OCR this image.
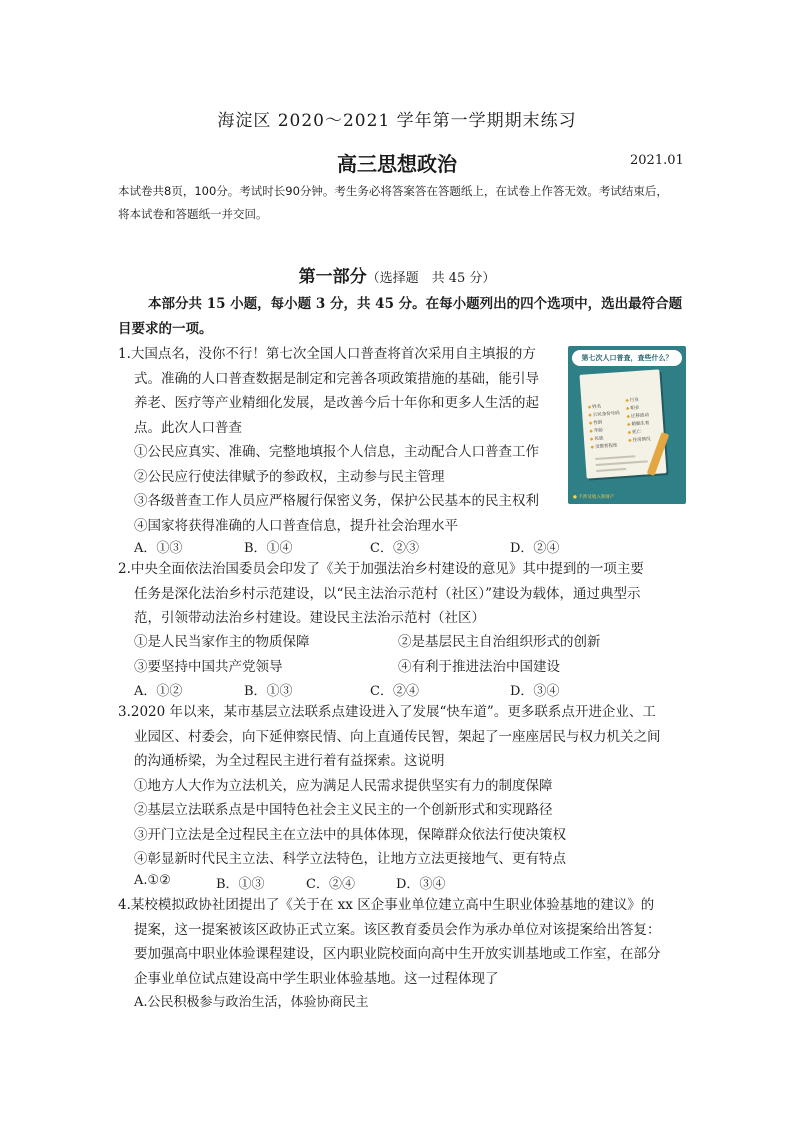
海淀区 2020～2021 学年第一学期期末练习
高三思想政治	2021.01
本试卷共8页，100分。考试时长90分钟。考生务必将答案答在答题纸上，在试卷上作答无效。考试结束后，将本试卷和答题纸一并交回。
第一部分（选择题　共 45 分）
本部分共 15 小题，每小题 3 分，共 45 分。在每小题列出的四个选项中，选出最符合题
目要求的一项。
第七次人口普查，查些什么？
◆ 姓名
◆ 公民身份号码
◆ 性别
◆ 年龄
◆ 民族
◆ 受教育程度
◆ 行业
◆ 职业
◆ 迁移流动
◆ 婚姻生育
◆ 死亡
◆ 住房情况
● 不涉及收入和财产
1.大国点名，没你不行！第七次全国人口普查将首次采用自主填报的方
式。准确的人口普查数据是制定和完善各项政策措施的基础，能引导
养老、医疗等产业精细化发展，是改善今后十年你和更多人生活的起
点。此次人口普查
①公民应真实、准确、完整地填报个人信息，主动配合人口普查工作
②公民应行使法律赋予的参政权，主动参与民主管理
③各级普查工作人员应严格履行保密义务，保护公民基本的民主权利
④国家将获得准确的人口普查信息，提升社会治理水平
A．①③	B．①④	C．②③	D．②④
2.中央全面依法治国委员会印发了《关于加强法治乡村建设的意见》其中提到的一项主要
任务是深化法治乡村示范建设，以“民主法治示范村（社区）”建设为载体，通过典型示
范，引领带动法治乡村建设。建设民主法治示范村（社区）
①是人民当家作主的物质保障	②是基层民主自治组织形式的创新
③要坚持中国共产党领导	④有利于推进法治中国建设
A．①②	B．①③	C．②④	D．③④
3.2020 年以来，某市基层立法联系点建设进入了发展“快车道”。更多联系点开进企业、工
业园区、村委会，向下延伸察民情、向上直通传民智，架起了一座座居民与权力机关之间
的沟通桥梁，为全过程民主进行着有益探索。这说明
①地方人大作为立法机关，应为满足人民需求提供坚实有力的制度保障
②基层立法联系点是中国特色社会主义民主的一个创新形式和实现路径
③开门立法是全过程民主在立法中的具体体现，保障群众依法行使决策权
④彰显新时代民主立法、科学立法特色，让地方立法更接地气、更有特点
A.①②	B．①③	C．②④	D．③④
4.某校模拟政协社团提出了《关于在 xx 区企事业单位建立高中生职业体验基地的建议》的
提案，这一提案被该区政协正式立案。该区教育委员会作为承办单位对该提案给出答复：
要加强高中职业体验课程建设，区内职业院校面向高中生开放实训基地或工作室，在部分
企事业单位试点建设高中学生职业体验基地。这一过程体现了
A.公民积极参与政治生活，体验协商民主
